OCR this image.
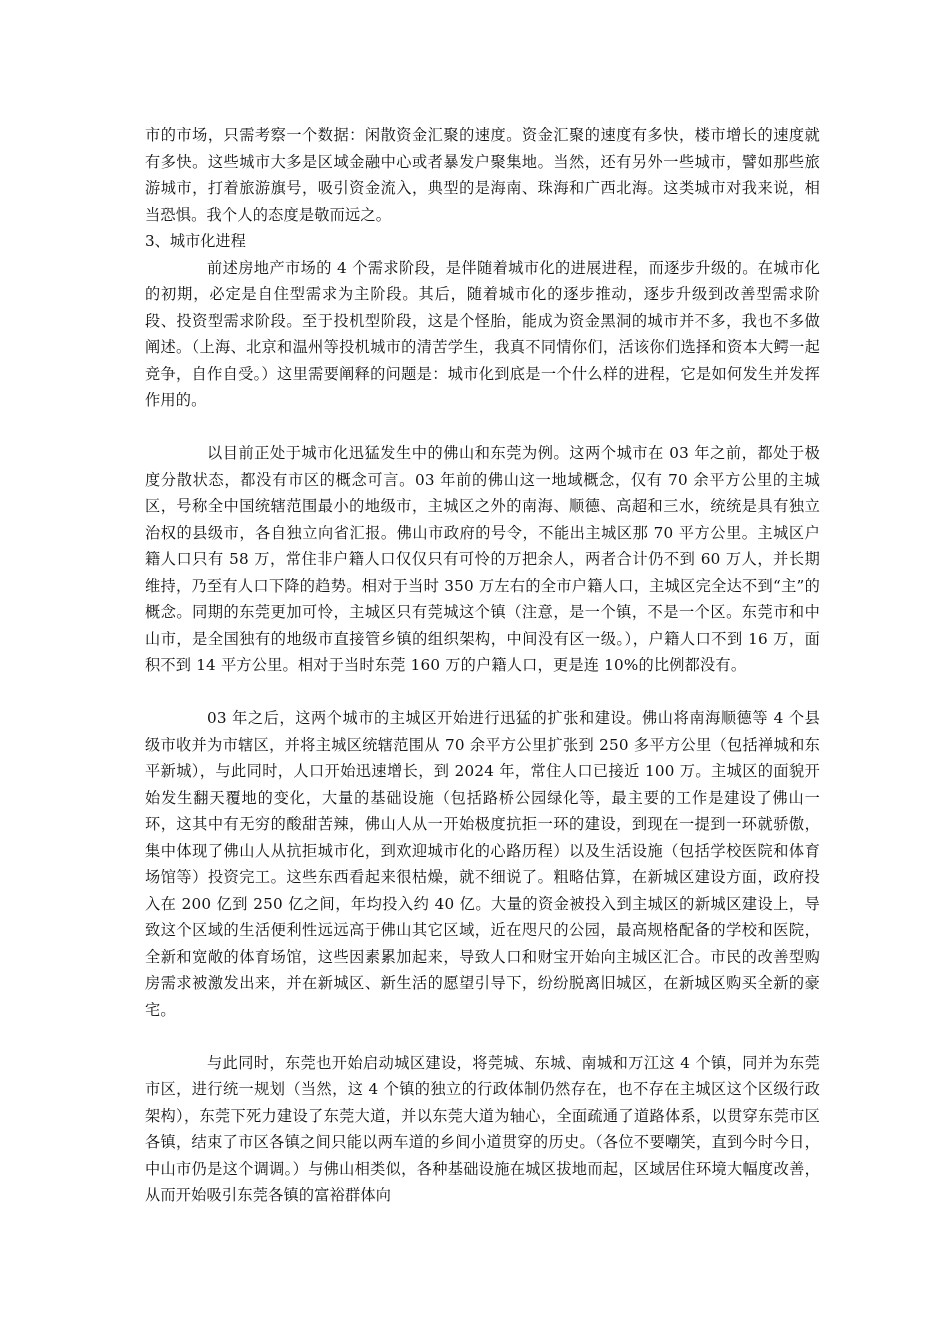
市的市场，只需考察一个数据：闲散资金汇聚的速度。资金汇聚的速度有多快，楼市增长的速度就有多快。这些城市大多是区域金融中心或者暴发户聚集地。当然，还有另外一些城市，譬如那些旅游城市，打着旅游旗号，吸引资金流入，典型的是海南、珠海和广西北海。这类城市对我来说，相当恐惧。我个人的态度是敬而远之。

3、城市化进程

前述房地产市场的 4 个需求阶段，是伴随着城市化的进展进程，而逐步升级的。在城市化的初期，必定是自住型需求为主阶段。其后，随着城市化的逐步推动，逐步升级到改善型需求阶段、投资型需求阶段。至于投机型阶段，这是个怪胎，能成为资金黑洞的城市并不多，我也不多做阐述。（上海、北京和温州等投机城市的清苦学生，我真不同情你们，活该你们选择和资本大鳄一起竞争，自作自受。）这里需要阐释的问题是：城市化到底是一个什么样的进程，它是如何发生并发挥作用的。

以目前正处于城市化迅猛发生中的佛山和东莞为例。这两个城市在 03 年之前，都处于极度分散状态，都没有市区的概念可言。03 年前的佛山这一地域概念，仅有 70 余平方公里的主城区，号称全中国统辖范围最小的地级市，主城区之外的南海、顺德、高超和三水，统统是具有独立治权的县级市，各自独立向省汇报。佛山市政府的号令，不能出主城区那 70 平方公里。主城区户籍人口只有 58 万，常住非户籍人口仅仅只有可怜的万把余人，两者合计仍不到 60 万人，并长期维持，乃至有人口下降的趋势。相对于当时 350 万左右的全市户籍人口，主城区完全达不到“主”的概念。同期的东莞更加可怜，主城区只有莞城这个镇（注意，是一个镇，不是一个区。东莞市和中山市，是全国独有的地级市直接管乡镇的组织架构，中间没有区一级。），户籍人口不到 16 万，面积不到 14 平方公里。相对于当时东莞 160 万的户籍人口，更是连 10%的比例都没有。

03 年之后，这两个城市的主城区开始进行迅猛的扩张和建设。佛山将南海顺德等 4 个县级市收并为市辖区，并将主城区统辖范围从 70 余平方公里扩张到 250 多平方公里（包括禅城和东平新城），与此同时，人口开始迅速增长，到 2024 年，常住人口已接近 100 万。主城区的面貌开始发生翻天覆地的变化，大量的基础设施（包括路桥公园绿化等，最主要的工作是建设了佛山一环，这其中有无穷的酸甜苦辣，佛山人从一开始极度抗拒一环的建设，到现在一提到一环就骄傲，集中体现了佛山人从抗拒城市化，到欢迎城市化的心路历程）以及生活设施（包括学校医院和体育场馆等）投资完工。这些东西看起来很枯燥，就不细说了。粗略估算，在新城区建设方面，政府投入在 200 亿到 250 亿之间，年均投入约 40 亿。大量的资金被投入到主城区的新城区建设上，导致这个区域的生活便利性远远高于佛山其它区域，近在咫尺的公园，最高规格配备的学校和医院，全新和宽敞的体育场馆，这些因素累加起来，导致人口和财宝开始向主城区汇合。市民的改善型购房需求被激发出来，并在新城区、新生活的愿望引导下，纷纷脱离旧城区，在新城区购买全新的豪宅。

与此同时，东莞也开始启动城区建设，将莞城、东城、南城和万江这 4 个镇，同并为东莞市区，进行统一规划（当然，这 4 个镇的独立的行政体制仍然存在，也不存在主城区这个区级行政架构），东莞下死力建设了东莞大道，并以东莞大道为轴心，全面疏通了道路体系，以贯穿东莞市区各镇，结束了市区各镇之间只能以两车道的乡间小道贯穿的历史。（各位不要嘲笑，直到今时今日，中山市仍是这个调调。）与佛山相类似，各种基础设施在城区拔地而起，区域居住环境大幅度改善，从而开始吸引东莞各镇的富裕群体向
